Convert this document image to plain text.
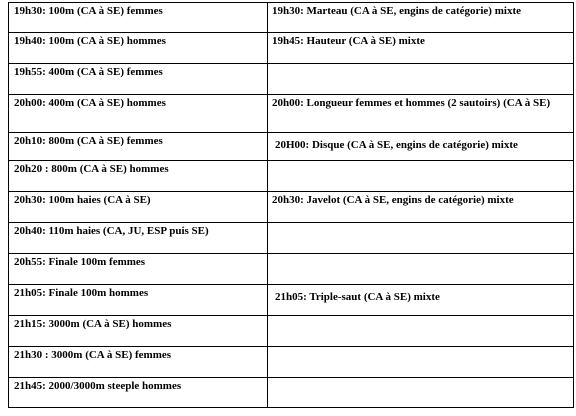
19h30: 100m (CA à SE) femmes	19h30: Marteau (CA à SE, engins de catégorie) mixte
19h40: 100m (CA à SE) hommes	19h45: Hauteur (CA à SE) mixte
19h55: 400m (CA à SE) femmes	
20h00: 400m (CA à SE) hommes	20h00: Longueur femmes et hommes (2 sautoirs) (CA à SE)
20h10: 800m (CA à SE) femmes	20H00: Disque (CA à SE, engins de catégorie) mixte
20h20 : 800m (CA à SE) hommes	
20h30: 100m haies (CA à SE)	20h30: Javelot (CA à SE, engins de catégorie) mixte
20h40: 110m haies (CA, JU, ESP puis SE)	
20h55: Finale 100m femmes	
21h05: Finale 100m hommes	21h05: Triple-saut (CA à SE) mixte
21h15: 3000m (CA à SE) hommes	
21h30 : 3000m (CA à SE) femmes	
21h45: 2000/3000m steeple hommes	
